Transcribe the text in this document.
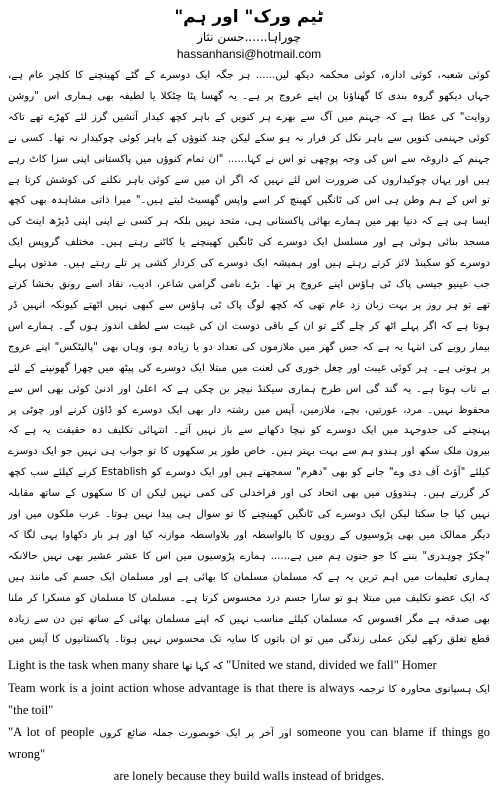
"ٹیم ورک" اور ہم

چوراہا......حسن نثار

hassanhansi@hotmail.com

کوئی شعبہ، کوئی ادارہ، کوئی محکمہ دیکھ لیں...... ہر جگہ ایک دوسرے کے گٹے کھینچنے کا کلچر عام ہے، جہاں دیکھو گروہ بندی کا گھناؤنا پن اپنے عروج پر ہے۔ یہ گھسا پٹا چٹکلا یا لطیفہ بھی ہماری اس "روشن روایت" کی عطا ہے کہ جہنم میں آگ سے بھرے ہر کنویں کے باہر کچھ کیدار آتشیں گرز لئے کھڑے تھے تاکہ کوئی جہنمی کنویں سے باہر نکل کر فرار نہ ہو سکے لیکن چند کنوؤں کے باہر کوئی چوکیدار نہ تھا۔ کسی نے جہنم کے داروغہ سے اس کی وجہ پوچھی تو اس نے کہا...... "ان تمام کنوؤں میں پاکستانی اپنی سزا کاٹ رہے ہیں اور یہاں چوکیداروں کی ضرورت اس لئے نہیں کہ اگر ان میں سے کوئی باہر نکلنے کی کوشش کرتا ہے تو اس کے ہم وطن ہی اس کی ٹانگیں کھینچ کر اسے واپس گھسیٹ لیتے ہیں۔" میرا ذاتی مشاہدہ بھی کچھ ایسا ہی ہے کہ دنیا بھر میں ہمارے بھائی پاکستانی ہی، متحد نہیں بلکہ ہر کسی نے اپنی اپنی ڈیڑھ اینٹ کی مسجد بنائی ہوئی ہے اور مسلسل ایک دوسرے کی ٹانگیں کھینچنے یا کاٹنے رہتے ہیں۔ مختلف گروپس ایک دوسرے کو سکینڈ لائز کرتے رہتے ہیں اور ہمیشہ ایک دوسرے کی کردار کشی پر تلے رہتے ہیں۔ مدتوں پہلے جب عینیو جیسی پاک ٹی ہاؤس اپنے عروج پر تھا۔ بڑے نامی گرامی شاعر، ادیب، نقاد اسے رونق بخشا کرتے تھے تو ہر روز پر بہت زبان زد عام تھی کہ کچھ لوگ پاک ٹی ہاؤس سے کبھی نہیں اٹھتے کیونکہ انہیں ڈر ہوتا ہے کہ اگر پہلے اٹھ کر چلے گئے تو ان کے باقی دوست ان کی غیبت سے لطف اندوز ہوں گے۔ ہمارے اس بیمار رویے کی انتہا یہ ہے کہ جس گھر میں ملازموں کی تعداد دو یا زیادہ ہو، وہاں بھی "پالیٹکس" اپنے عروج پر ہوتی ہے۔ ہر کوئی غیبت اور چغل خوری کی لعنت میں مبتلا ایک دوسرے کی پیٹھ میں چھرا گھونپنے کے لئے بے تاب ہوتا ہے۔ یہ گند گی اس طرح ہماری سیکنڈ نیچر بن چکی ہے کہ اعلیٰ اور ادنیٰ کوئی بھی اس سے محفوظ نہیں۔ مرد، عورتیں، بچے، ملازمین، آپس میں رشتہ دار بھی ایک دوسرے کو ڈاؤن کرنے اور چوٹی پر پہنچنے کی جدوجہد میں ایک دوسرے کو نیچا دکھانے سے باز نہیں آتے۔ انتہائی تکلیف دہ حقیقت یہ ہے کہ بیرون ملک سکھ اور ہندو ہم سے بہت بہتر ہیں۔ خاص طور پر سکھوں کا تو جواب ہی نہیں جو ایک دوسرے کیلئے "آؤٹ آف دی وے" جانے کو بھی "دھرم" سمجھتے ہیں اور ایک دوسرے کو Establish کرنے کیلئے سب کچھ کر گزرتے ہیں۔ ہندوؤں میں بھی اتحاد کی اور فراخدلی کی کمی نہیں لیکن ان کا سکھوں کے ساتھ مقابلہ نہیں کیا جا سکتا لیکن ایک دوسرے کی ٹانگیں کھینچنے کا تو سوال ہی پیدا نہیں ہوتا۔ عرب ملکوں میں اور دیگر ممالک میں بھی پڑوسیوں کے رویوں کا بالواسطہ اور بلاواسطہ موازنہ کیا اور ہر بار دکھاوا یہی لگا کہ "چکڑ چوہدری" بننے کا جو جنون ہم میں ہے...... ہمارے پڑوسیوں میں اس کا عشر عشیر بھی نہیں حالانکہ ہماری تعلیمات میں اہم ترین یہ ہے کہ مسلمان مسلمان کا بھائی ہے اور مسلمان ایک جسم کی مانند ہیں کہ ایک عضو تکلیف میں مبتلا ہو تو سارا جسم درد محسوس کرتا ہے۔ مسلمان کا مسلمان کو مسکرا کر ملنا بھی صدقہ ہے مگر افسوس کہ مسلمان کیلئے مناسب نہیں کہ اپنے مسلمان بھائی کے ساتھ تین دن سے زیادہ قطع تعلق رکھے لیکن عملی زندگی میں تو ان باتوں کا سایہ تک محسوس نہیں ہوتا۔ پاکستانیوں کا آپس میں

Light is the task when many share کہ کہا تھا "United we stand, divided we fall" Homer

Team work is a joint action whose advantage is that there is always ایک ہسپانوی محاورہ کا ترجمہ "the toil"

"A lot of people اور آخر پر ایک خوبصورت جملہ ضائع کروں someone you can blame if things go wrong"

are lonely because they build walls instead of bridges.
